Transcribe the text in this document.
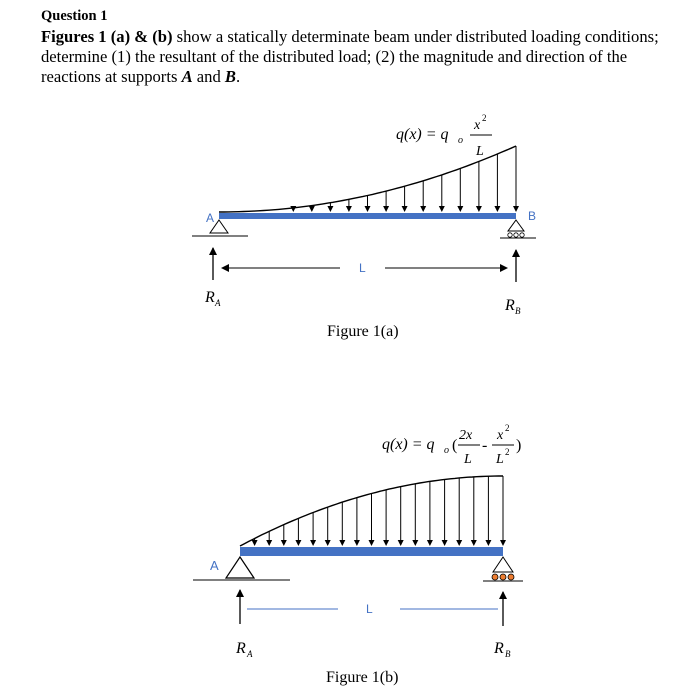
Question 1
Figures 1 (a) & (b) show a statically determinate beam under distributed loading conditions; determine (1) the resultant of the distributed load; (2) the magnitude and direction of the reactions at supports A and B.
q(x) = q o
x 2
L
A	B
L
R A	R B
Figure 1(a)
q(x) = q o (
2x
L
-
x 2
L 2 )
A
L
R A	R B
Figure 1(b)
